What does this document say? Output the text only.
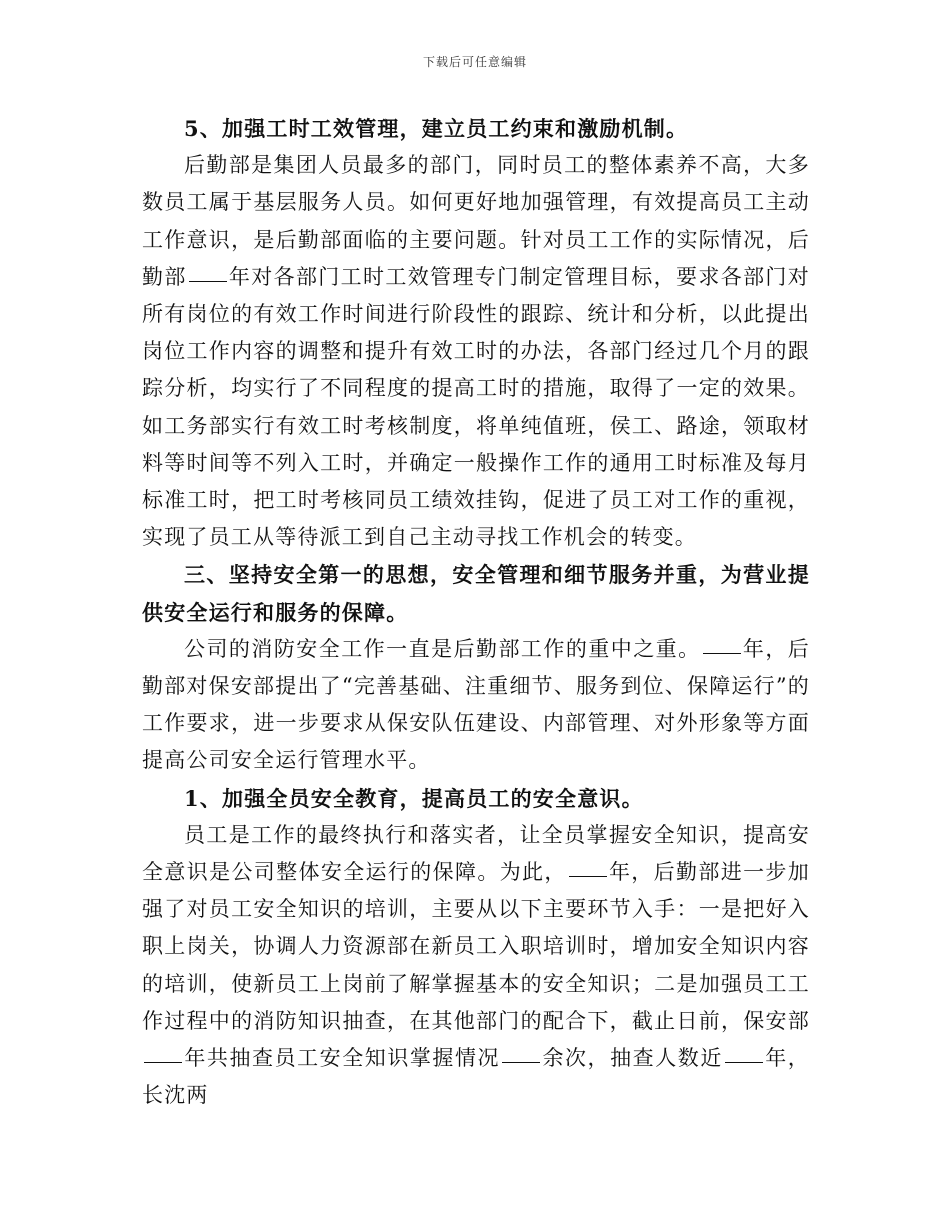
下载后可任意编辑

5、加强工时工效管理，建立员工约束和激励机制。

后勤部是集团人员最多的部门，同时员工的整体素养不高，大多数员工属于基层服务人员。如何更好地加强管理，有效提高员工主动工作意识，是后勤部面临的主要问题。针对员工工作的实际情况，后勤部 年对各部门工时工效管理专门制定管理目标，要求各部门对所有岗位的有效工作时间进行阶段性的跟踪、统计和分析，以此提出岗位工作内容的调整和提升有效工时的办法，各部门经过几个月的跟踪分析，均实行了不同程度的提高工时的措施，取得了一定的效果。如工务部实行有效工时考核制度，将单纯值班，侯工、路途，领取材料等时间等不列入工时，并确定一般操作工作的通用工时标准及每月标准工时，把工时考核同员工绩效挂钩，促进了员工对工作的重视，实现了员工从等待派工到自己主动寻找工作机会的转变。

三、坚持安全第一的思想，安全管理和细节服务并重，为营业提供安全运行和服务的保障。

公司的消防安全工作一直是后勤部工作的重中之重。 年，后勤部对保安部提出了“完善基础、注重细节、服务到位、保障运行”的工作要求，进一步要求从保安队伍建设、内部管理、对外形象等方面提高公司安全运行管理水平。

1、加强全员安全教育，提高员工的安全意识。

员工是工作的最终执行和落实者，让全员掌握安全知识，提高安全意识是公司整体安全运行的保障。为此， 年，后勤部进一步加强了对员工安全知识的培训，主要从以下主要环节入手：一是把好入职上岗关，协调人力资源部在新员工入职培训时，增加安全知识内容的培训，使新员工上岗前了解掌握基本的安全知识；二是加强员工工作过程中的消防知识抽查，在其他部门的配合下，截止日前，保安部年共抽查员工安全知识掌握情况 余次，抽查人数近 年，长沈两
